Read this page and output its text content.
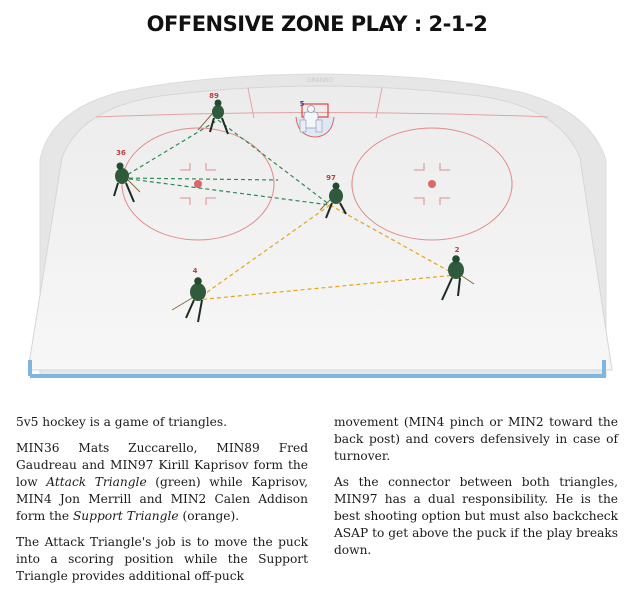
OFFENSIVE ZONE PLAY : 2-1-2
GRANRO
5
89
36
97
4
2

5v5 hockey is a game of triangles.

MIN36 Mats Zuccarello, MIN89 Fred Gaudreau and MIN97 Kirill Kaprisov form the low Attack Triangle (green) while Kaprisov, MIN4 Jon Merrill and MIN2 Calen Addison form the Support Triangle (orange).

The Attack Triangle's job is to move the puck into a scoring position while the Support Triangle provides additional off-puck

movement (MIN4 pinch or MIN2 toward the back post) and covers defensively in case of turnover.

As the connector between both triangles, MIN97 has a dual responsibility. He is the best shooting option but must also backcheck ASAP to get above the puck if the play breaks down.
